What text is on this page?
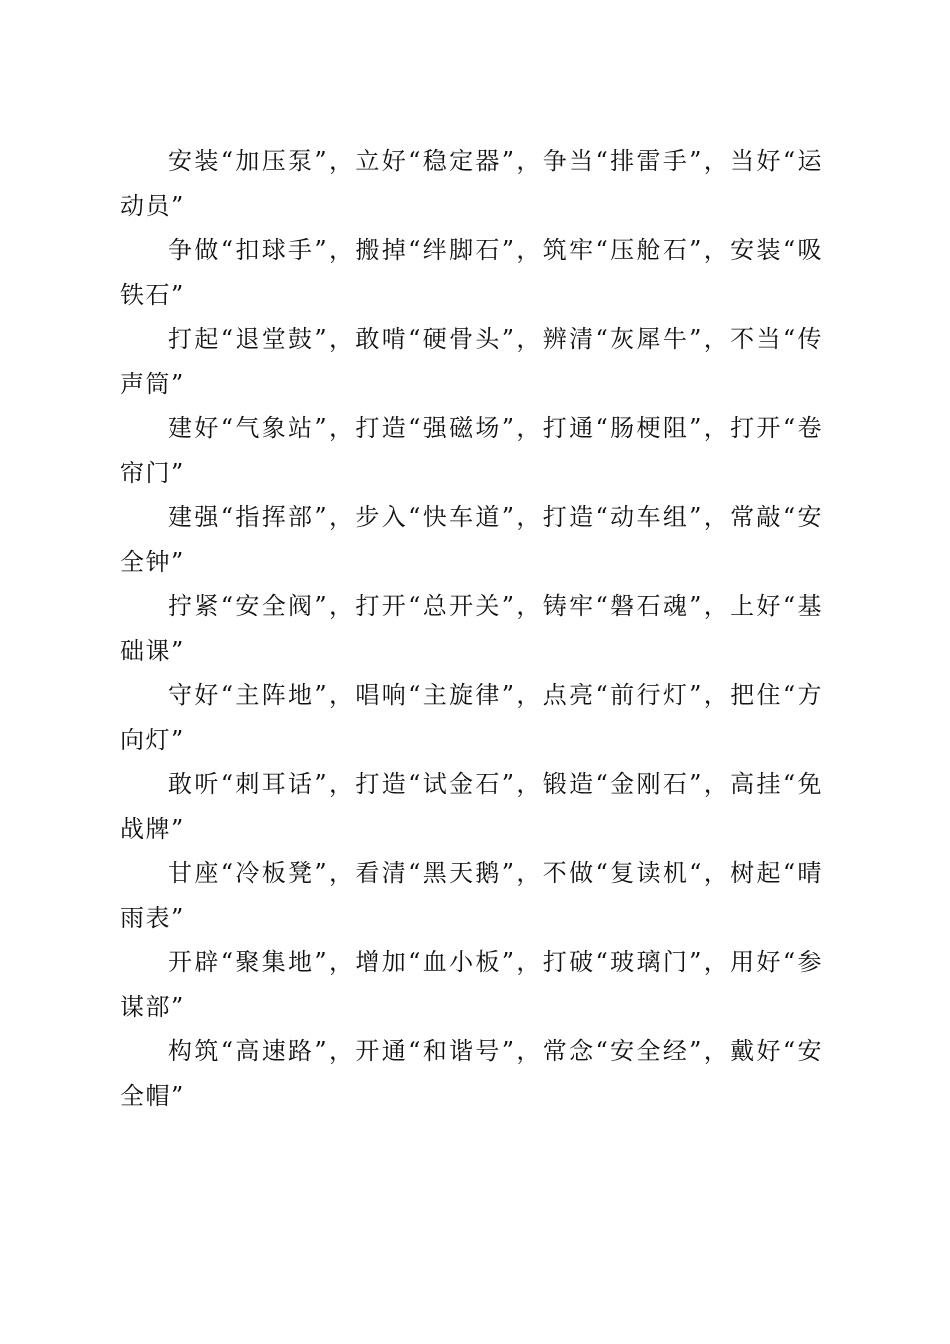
安装“加压泵”，立好“稳定器”，争当“排雷手”，当好“运动员”

争做“扣球手”，搬掉“绊脚石”，筑牢“压舱石”，安装“吸铁石”

打起“退堂鼓”，敢啃“硬骨头”，辨清“灰犀牛”，不当“传声筒”

建好“气象站”，打造“强磁场”，打通“肠梗阻”，打开“卷帘门”

建强“指挥部”，步入“快车道”，打造“动车组”，常敲“安全钟”

拧紧“安全阀”，打开“总开关”，铸牢“磐石魂”，上好“基础课”

守好“主阵地”，唱响“主旋律”，点亮“前行灯”，把住“方向灯”

敢听“刺耳话”，打造“试金石”，锻造“金刚石”，高挂“免战牌”

甘座“冷板凳”，看清“黑天鹅”，不做“复读机“，树起“晴雨表”

开辟“聚集地”，增加“血小板”，打破“玻璃门”，用好“参谋部”

构筑“高速路”，开通“和谐号”，常念“安全经”，戴好“安全帽”
